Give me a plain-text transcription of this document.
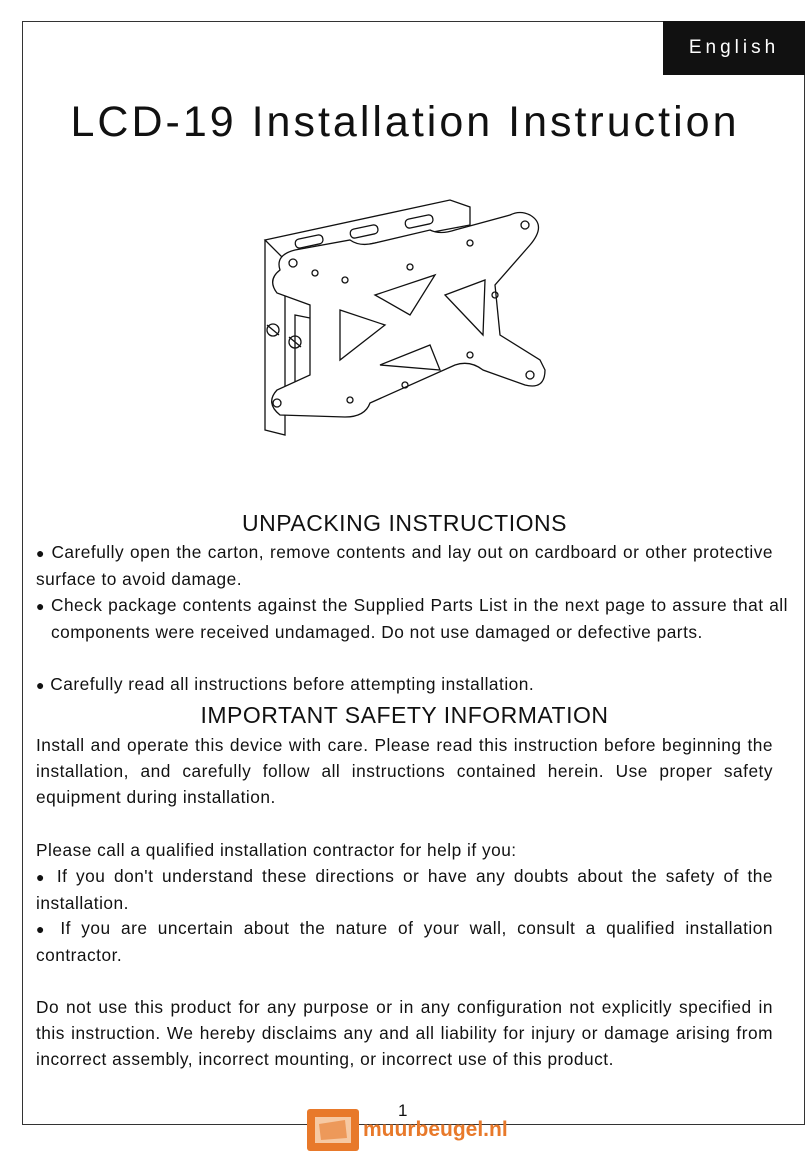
English
LCD-19 Installation Instruction
UNPACKING INSTRUCTIONS

● Carefully open the carton, remove contents and lay out on cardboard or other protective surface to avoid damage.

● Check package contents against the Supplied Parts List in the next page to assure that all components were received undamaged. Do not use damaged or defective parts.

● Carefully read all instructions before attempting installation.

IMPORTANT SAFETY INFORMATION

Install and operate this device with care. Please read this instruction before beginning the installation, and carefully follow all instructions contained herein. Use proper safety equipment during installation.

Please call a qualified installation contractor for help if you:

● If you don't understand these directions or have any doubts about the safety of the installation.

● If you are uncertain about the nature of your wall, consult a qualified installation contractor.

Do not use this product for any purpose or in any configuration not explicitly specified in this instruction. We hereby disclaims any and all liability for injury or damage arising from incorrect assembly, incorrect mounting, or incorrect use of this product.

1
muurbeugel.nl
